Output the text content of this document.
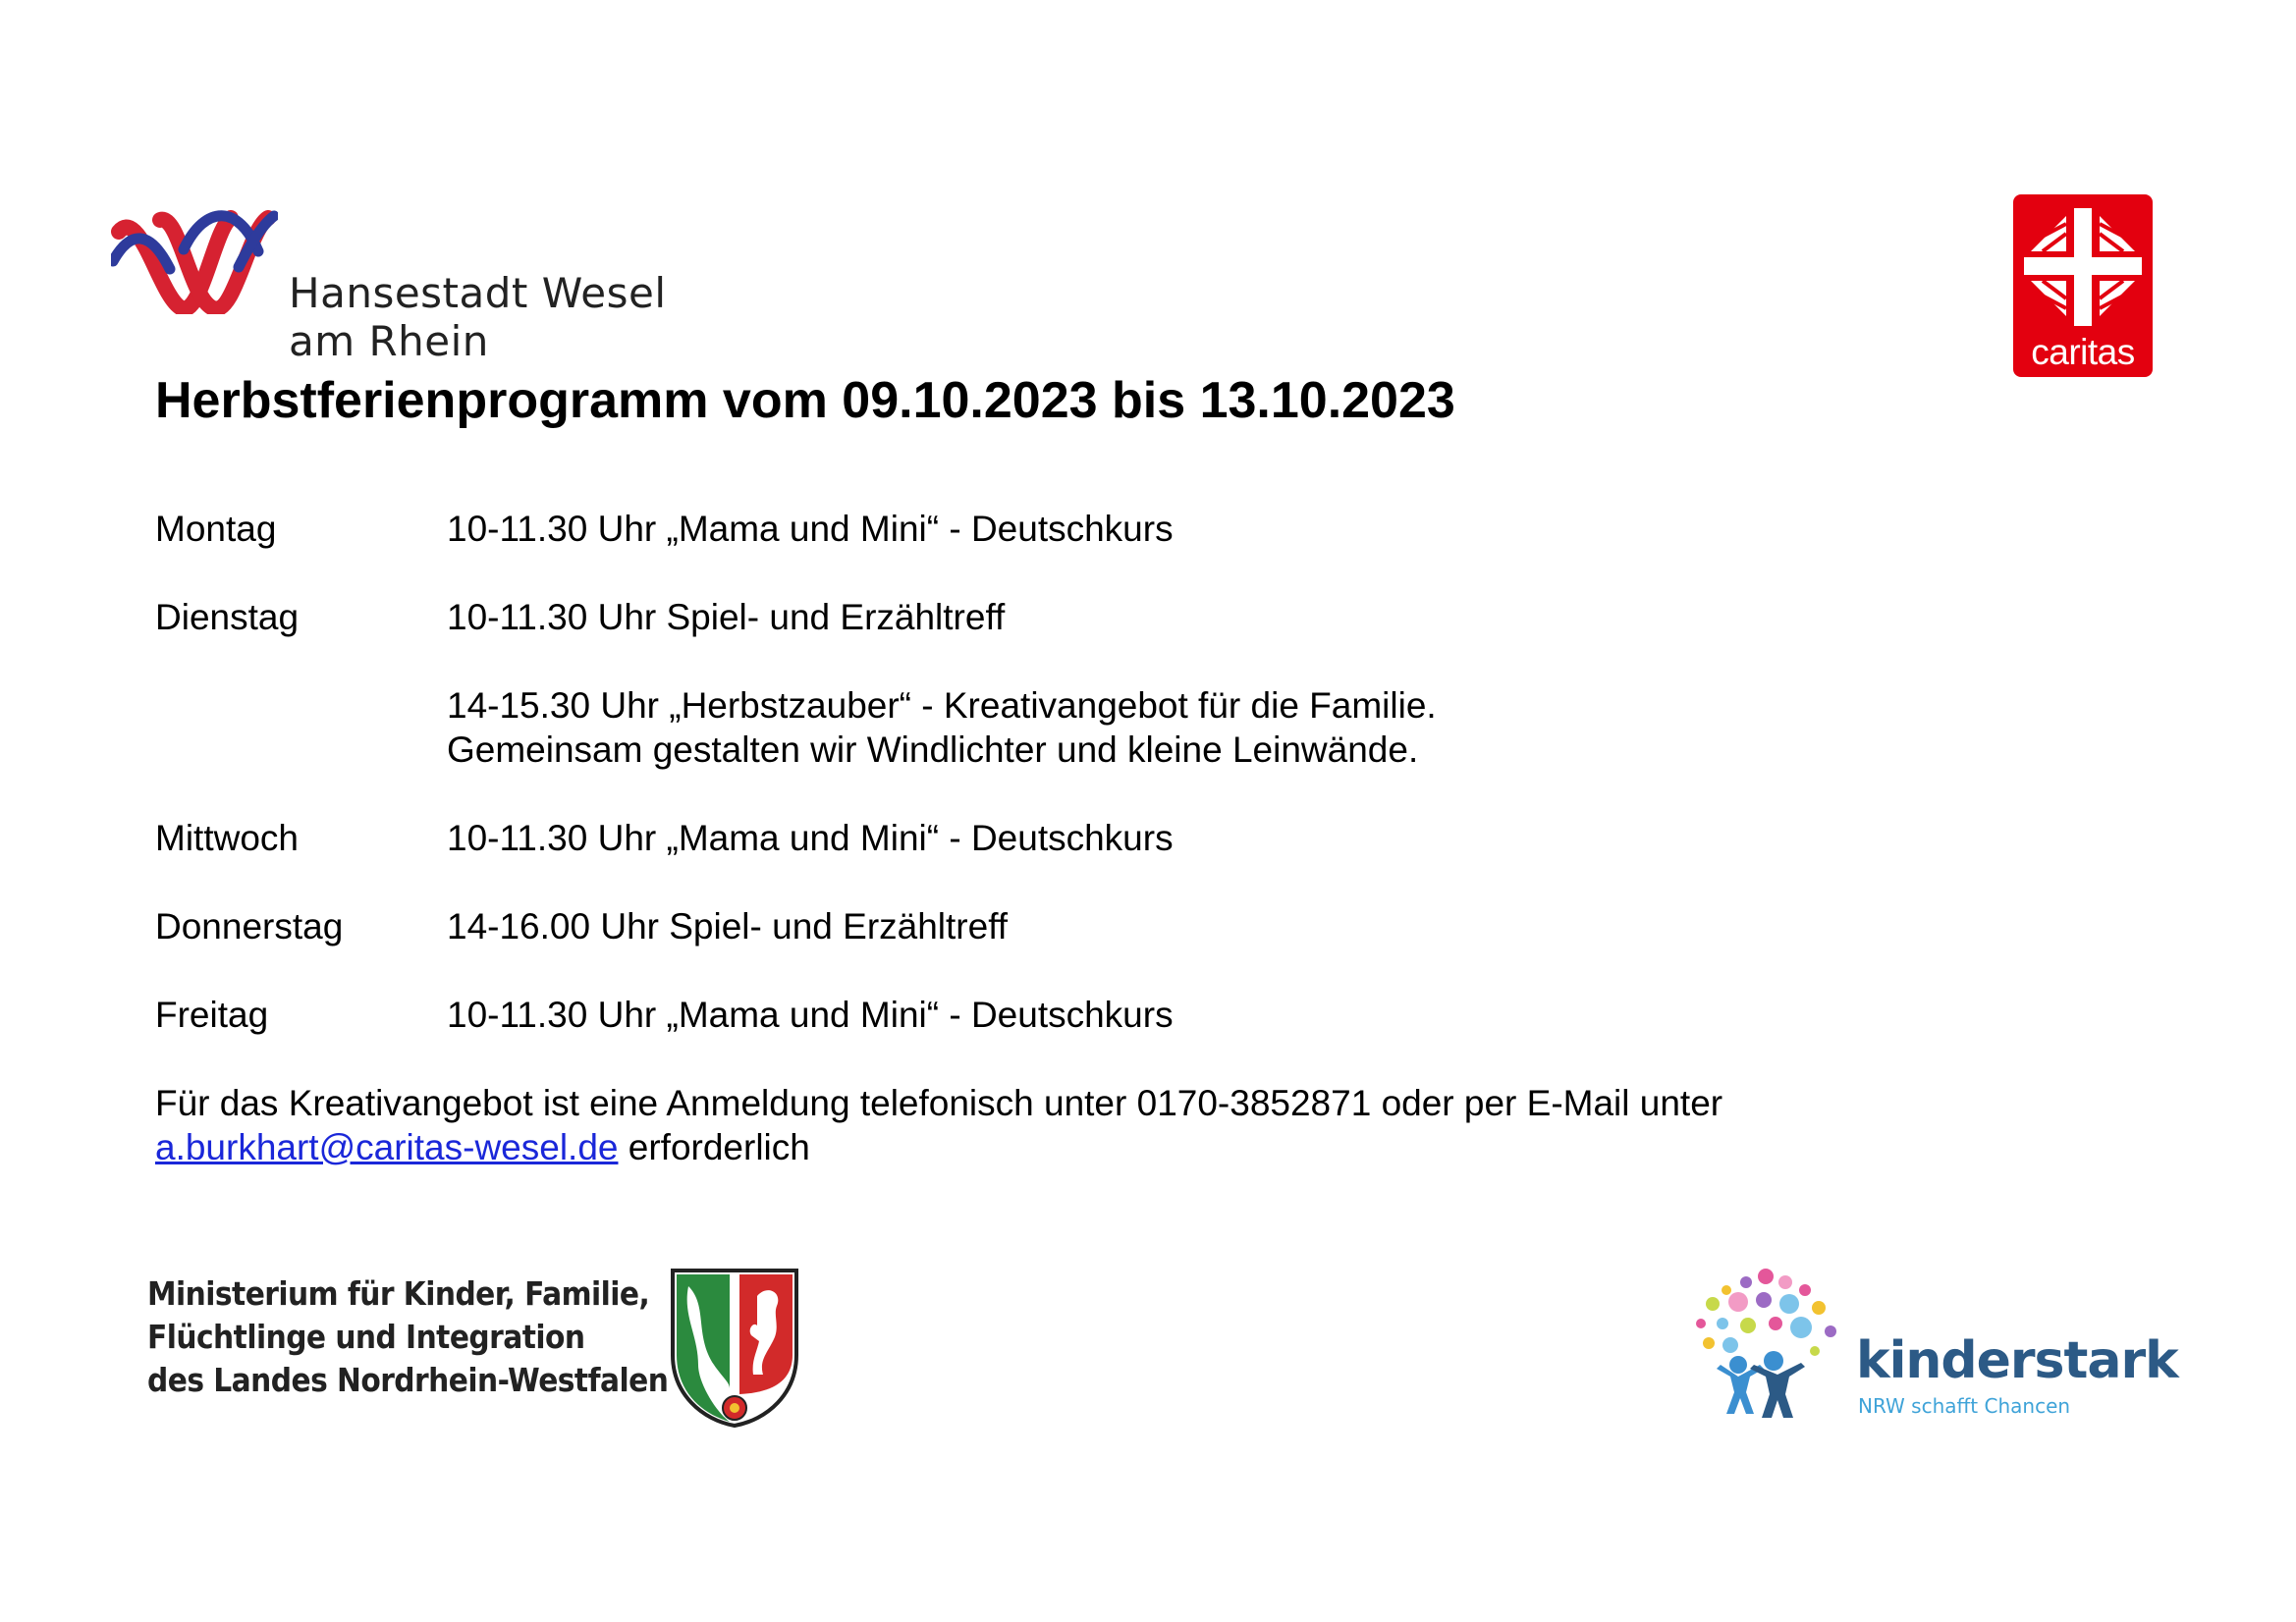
Hansestadt Wesel
am Rhein	caritas
Herbstferienprogramm vom 09.10.2023 bis 13.10.2023
Montag	10-11.30 Uhr „Mama und Mini“ - Deutschkurs
Dienstag	10-11.30 Uhr Spiel- und Erzähltreff
14-15.30 Uhr „Herbstzauber“ - Kreativangebot für die Familie.
Gemeinsam gestalten wir Windlichter und kleine Leinwände.
Mittwoch	10-11.30 Uhr „Mama und Mini“ - Deutschkurs
Donnerstag	14-16.00 Uhr Spiel- und Erzähltreff
Freitag	10-11.30 Uhr „Mama und Mini“ - Deutschkurs
Für das Kreativangebot ist eine Anmeldung telefonisch unter 0170-3852871 oder per E-Mail unter
a.burkhart@caritas-wesel.de erforderlich
Ministerium für Kinder, Familie,
Flüchtlinge und Integration
des Landes Nordrhein-Westfalen	kinderstark
NRW schafft Chancen
